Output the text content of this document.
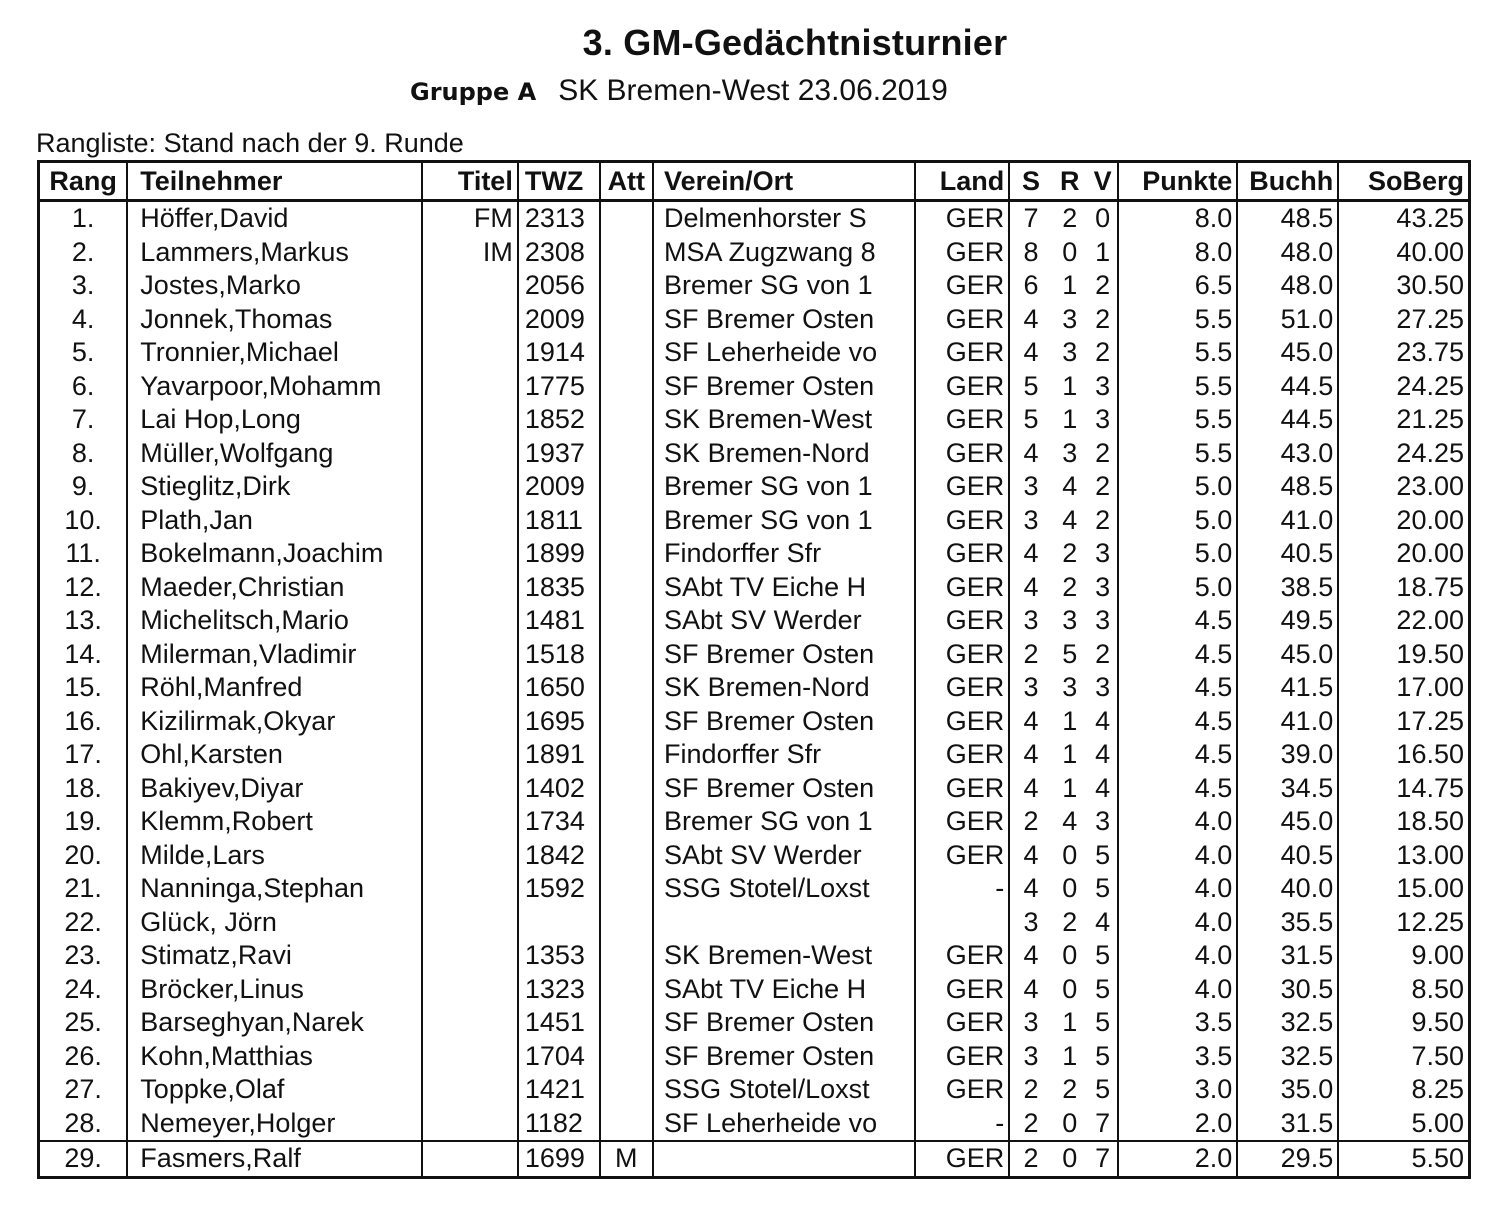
3. GM-Gedächtnisturnier
Gruppe A SK Bremen-West 23.06.2019
Rangliste: Stand nach der 9. Runde
Rang	Teilnehmer	Titel	TWZ	Att	Verein/Ort	Land	S	R	V	Punkte	Buchh	SoBerg
1.	Höffer,David	FM	2313		Delmenhorster S	GER	7	2	0	8.0	48.5	43.25
2.	Lammers,Markus	IM	2308		MSA Zugzwang 8	GER	8	0	1	8.0	48.0	40.00
3.	Jostes,Marko		2056		Bremer SG von 1	GER	6	1	2	6.5	48.0	30.50
4.	Jonnek,Thomas		2009		SF Bremer Osten	GER	4	3	2	5.5	51.0	27.25
5.	Tronnier,Michael		1914		SF Leherheide vo	GER	4	3	2	5.5	45.0	23.75
6.	Yavarpoor,Mohamm		1775		SF Bremer Osten	GER	5	1	3	5.5	44.5	24.25
7.	Lai Hop,Long		1852		SK Bremen-West	GER	5	1	3	5.5	44.5	21.25
8.	Müller,Wolfgang		1937		SK Bremen-Nord	GER	4	3	2	5.5	43.0	24.25
9.	Stieglitz,Dirk		2009		Bremer SG von 1	GER	3	4	2	5.0	48.5	23.00
10.	Plath,Jan		1811		Bremer SG von 1	GER	3	4	2	5.0	41.0	20.00
11.	Bokelmann,Joachim		1899		Findorffer Sfr	GER	4	2	3	5.0	40.5	20.00
12.	Maeder,Christian		1835		SAbt TV Eiche H	GER	4	2	3	5.0	38.5	18.75
13.	Michelitsch,Mario		1481		SAbt SV Werder	GER	3	3	3	4.5	49.5	22.00
14.	Milerman,Vladimir		1518		SF Bremer Osten	GER	2	5	2	4.5	45.0	19.50
15.	Röhl,Manfred		1650		SK Bremen-Nord	GER	3	3	3	4.5	41.5	17.00
16.	Kizilirmak,Okyar		1695		SF Bremer Osten	GER	4	1	4	4.5	41.0	17.25
17.	Ohl,Karsten		1891		Findorffer Sfr	GER	4	1	4	4.5	39.0	16.50
18.	Bakiyev,Diyar		1402		SF Bremer Osten	GER	4	1	4	4.5	34.5	14.75
19.	Klemm,Robert		1734		Bremer SG von 1	GER	2	4	3	4.0	45.0	18.50
20.	Milde,Lars		1842		SAbt SV Werder	GER	4	0	5	4.0	40.5	13.00
21.	Nanninga,Stephan		1592		SSG Stotel/Loxst	-	4	0	5	4.0	40.0	15.00
22.	Glück, Jörn						3	2	4	4.0	35.5	12.25
23.	Stimatz,Ravi		1353		SK Bremen-West	GER	4	0	5	4.0	31.5	9.00
24.	Bröcker,Linus		1323		SAbt TV Eiche H	GER	4	0	5	4.0	30.5	8.50
25.	Barseghyan,Narek		1451		SF Bremer Osten	GER	3	1	5	3.5	32.5	9.50
26.	Kohn,Matthias		1704		SF Bremer Osten	GER	3	1	5	3.5	32.5	7.50
27.	Toppke,Olaf		1421		SSG Stotel/Loxst	GER	2	2	5	3.0	35.0	8.25
28.	Nemeyer,Holger		1182		SF Leherheide vo	-	2	0	7	2.0	31.5	5.00
29.	Fasmers,Ralf		1699	M		GER	2	0	7	2.0	29.5	5.50
